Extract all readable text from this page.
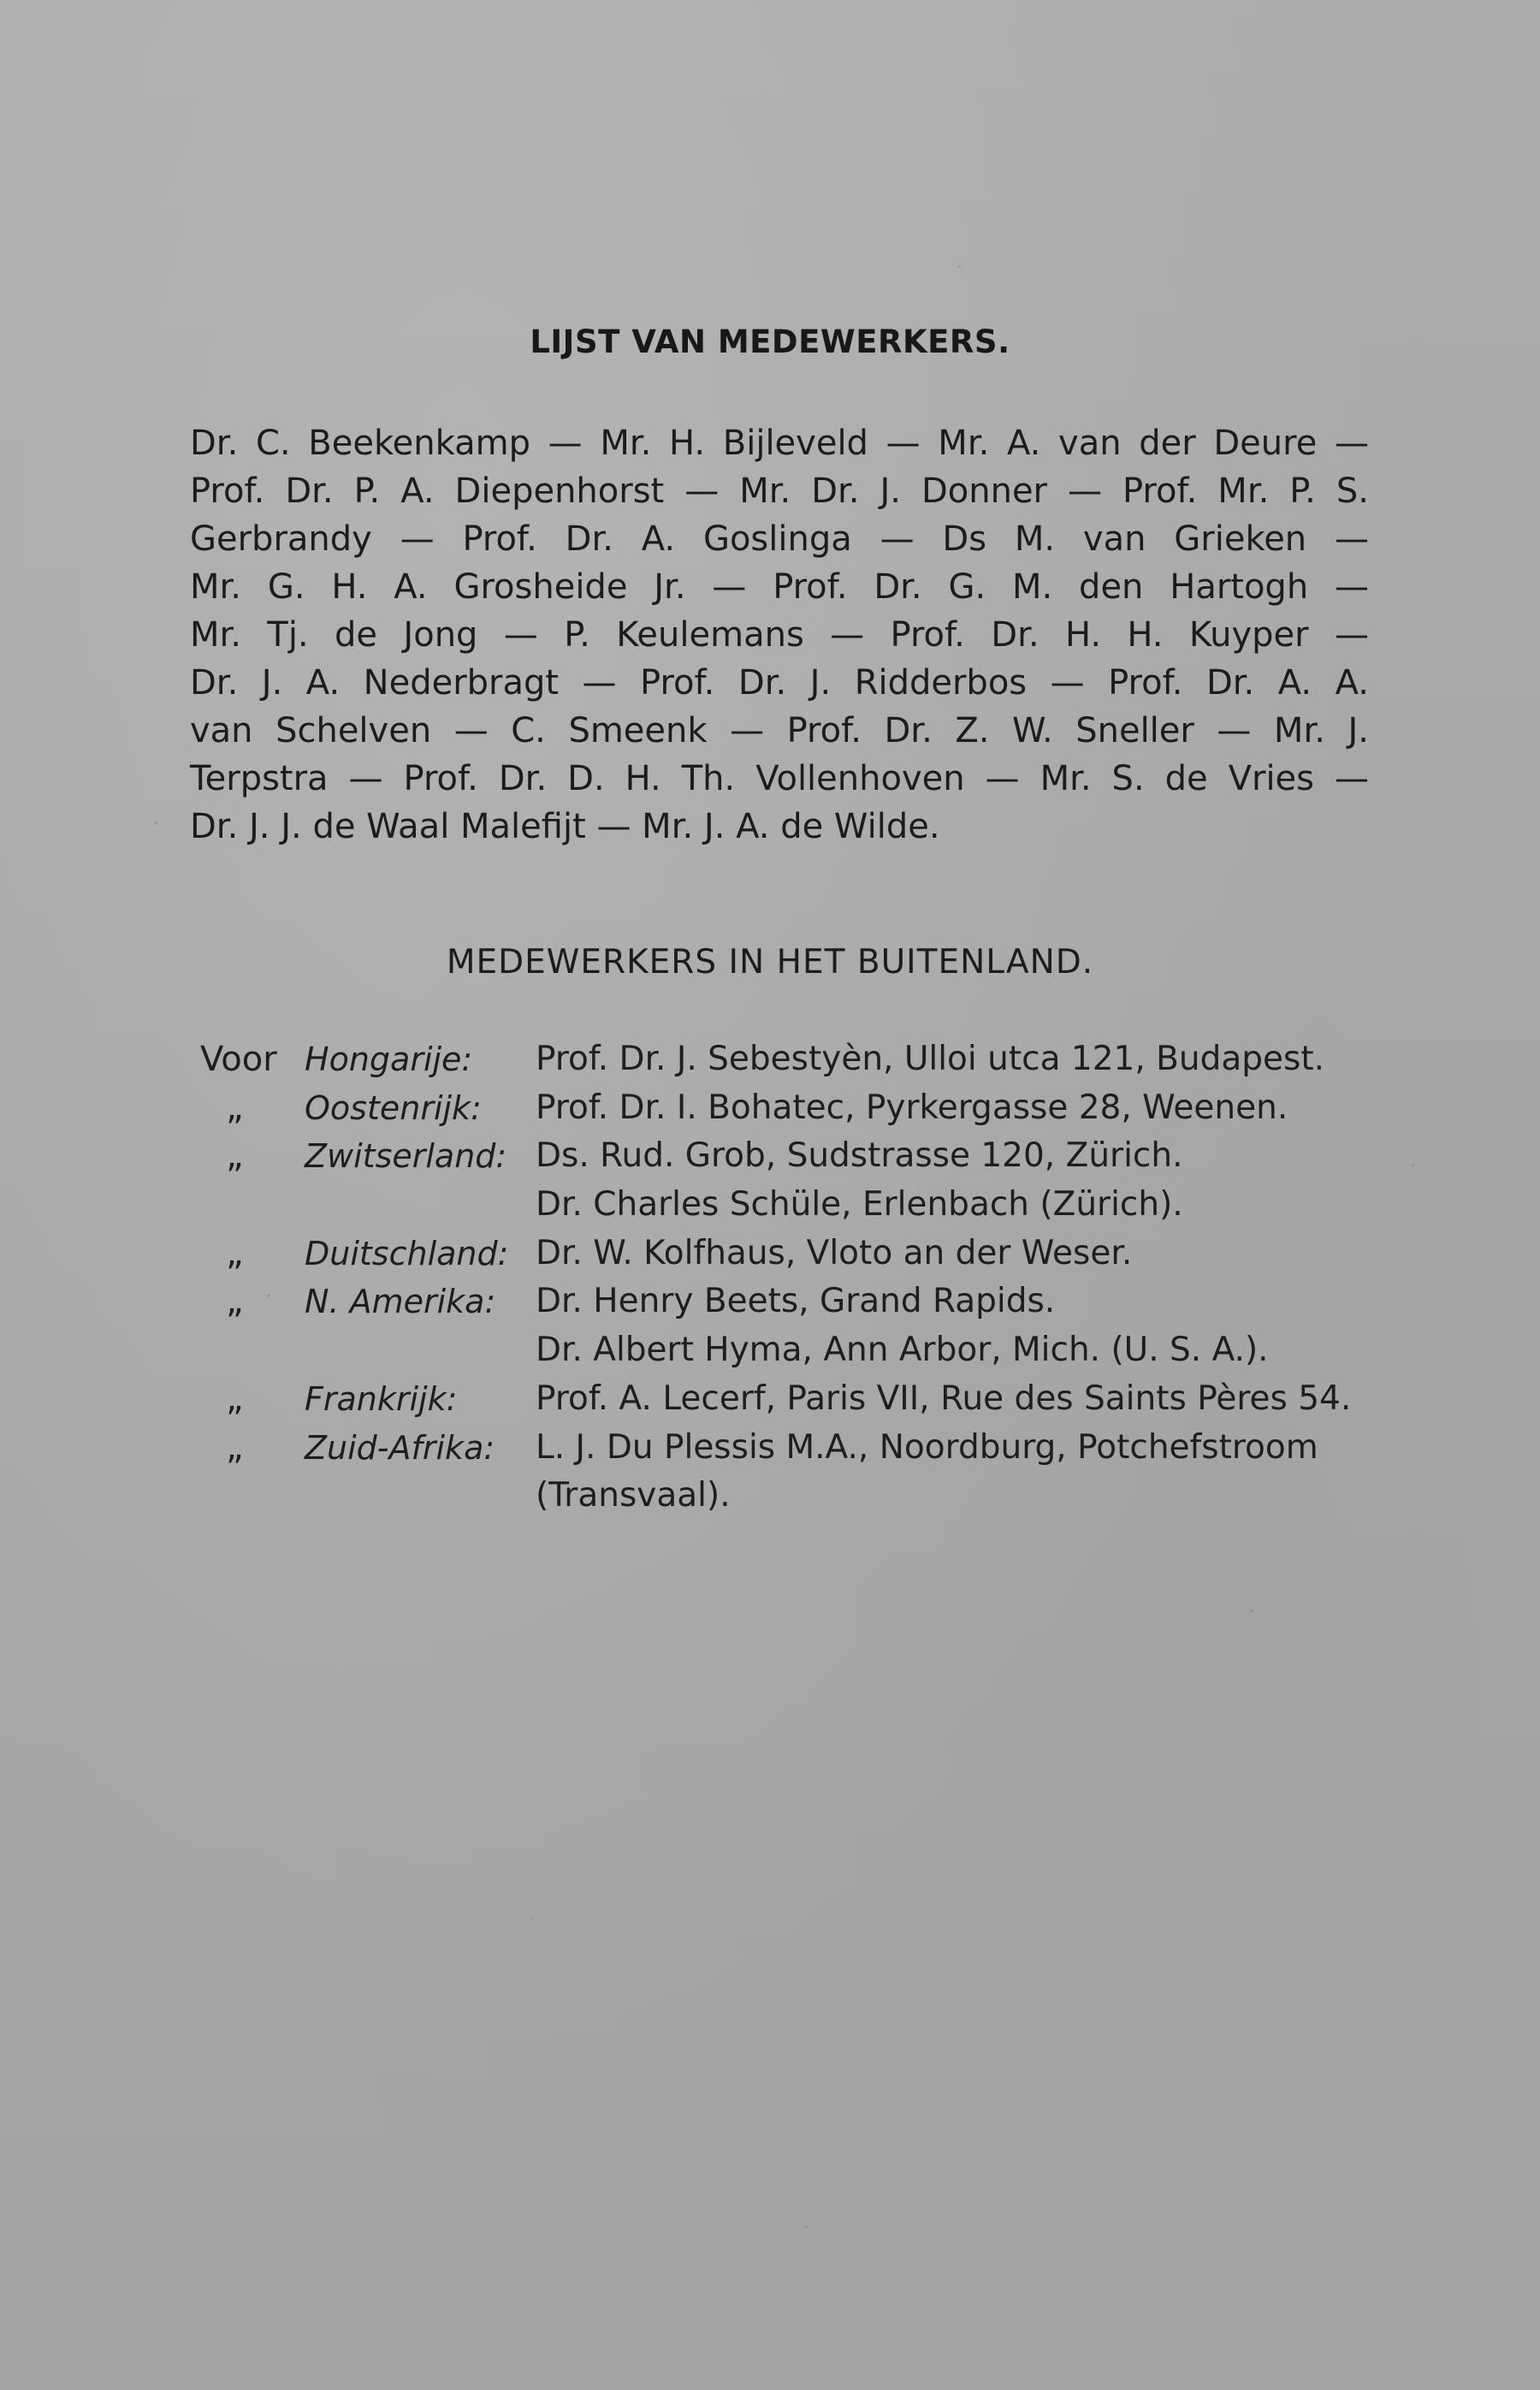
LIJST VAN MEDEWERKERS.
Dr. C. Beekenkamp — Mr. H. Bijleveld — Mr. A. van der Deure —
Prof. Dr. P. A. Diepenhorst — Mr. Dr. J. Donner — Prof. Mr. P. S.
Gerbrandy — Prof. Dr. A. Goslinga — Ds M. van Grieken —
Mr. G. H. A. Grosheide Jr. — Prof. Dr. G. M. den Hartogh —
Mr. Tj. de Jong — P. Keulemans — Prof. Dr. H. H. Kuyper —
Dr. J. A. Nederbragt — Prof. Dr. J. Ridderbos — Prof. Dr. A. A.
van Schelven — C. Smeenk — Prof. Dr. Z. W. Sneller — Mr. J.
Terpstra — Prof. Dr. D. H. Th. Vollenhoven — Mr. S. de Vries —
Dr. J. J. de Waal Malefijt — Mr. J. A. de Wilde.
MEDEWERKERS IN HET BUITENLAND.
Voor Hongarije: Prof. Dr. J. Sebestyèn, Ulloi utca 121, Budapest.
„ Oostenrijk: Prof. Dr. I. Bohatec, Pyrkergasse 28, Weenen.
„ Zwitserland: Ds. Rud. Grob, Sudstrasse 120, Zürich.
Dr. Charles Schüle, Erlenbach (Zürich).
„ Duitschland: Dr. W. Kolfhaus, Vloto an der Weser.
„ N. Amerika: Dr. Henry Beets, Grand Rapids.
Dr. Albert Hyma, Ann Arbor, Mich. (U. S. A.).
„ Frankrijk: Prof. A. Lecerf, Paris VII, Rue des Saints Pères 54.
„ Zuid-Afrika: L. J. Du Plessis M.A., Noordburg, Potchefstroom
(Transvaal).
